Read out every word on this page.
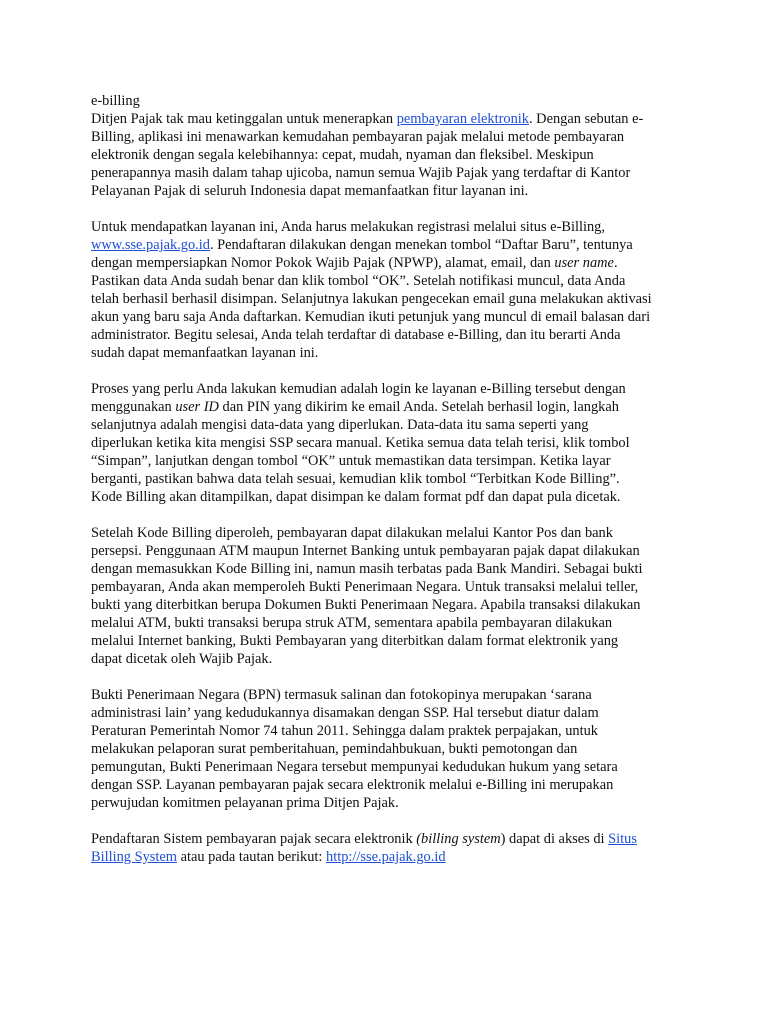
e-billing

Ditjen Pajak tak mau ketinggalan untuk menerapkan pembayaran elektronik. Dengan sebutan e-
Billing, aplikasi ini menawarkan kemudahan pembayaran pajak melalui metode pembayaran
elektronik dengan segala kelebihannya: cepat, mudah, nyaman dan fleksibel. Meskipun
penerapannya masih dalam tahap ujicoba, namun semua Wajib Pajak yang terdaftar di Kantor
Pelayanan Pajak di seluruh Indonesia dapat memanfaatkan fitur layanan ini.
Untuk mendapatkan layanan ini, Anda harus melakukan registrasi melalui situs e-Billing,
www.sse.pajak.go.id. Pendaftaran dilakukan dengan menekan tombol “Daftar Baru”, tentunya
dengan mempersiapkan Nomor Pokok Wajib Pajak (NPWP), alamat, email, dan user name.
Pastikan data Anda sudah benar dan klik tombol “OK”. Setelah notifikasi muncul, data Anda
telah berhasil berhasil disimpan. Selanjutnya lakukan pengecekan email guna melakukan aktivasi
akun yang baru saja Anda daftarkan. Kemudian ikuti petunjuk yang muncul di email balasan dari
administrator. Begitu selesai, Anda telah terdaftar di database e-Billing, dan itu berarti Anda
sudah dapat memanfaatkan layanan ini.
Proses yang perlu Anda lakukan kemudian adalah login ke layanan e-Billing tersebut dengan
menggunakan user ID dan PIN yang dikirim ke email Anda. Setelah berhasil login, langkah
selanjutnya adalah mengisi data-data yang diperlukan. Data-data itu sama seperti yang
diperlukan ketika kita mengisi SSP secara manual. Ketika semua data telah terisi, klik tombol
“Simpan”, lanjutkan dengan tombol “OK” untuk memastikan data tersimpan. Ketika layar
berganti, pastikan bahwa data telah sesuai, kemudian klik tombol “Terbitkan Kode Billing”.
Kode Billing akan ditampilkan, dapat disimpan ke dalam format pdf dan dapat pula dicetak.
Setelah Kode Billing diperoleh, pembayaran dapat dilakukan melalui Kantor Pos dan bank
persepsi. Penggunaan ATM maupun Internet Banking untuk pembayaran pajak dapat dilakukan
dengan memasukkan Kode Billing ini, namun masih terbatas pada Bank Mandiri. Sebagai bukti
pembayaran, Anda akan memperoleh Bukti Penerimaan Negara. Untuk transaksi melalui teller,
bukti yang diterbitkan berupa Dokumen Bukti Penerimaan Negara. Apabila transaksi dilakukan
melalui ATM, bukti transaksi berupa struk ATM, sementara apabila pembayaran dilakukan
melalui Internet banking, Bukti Pembayaran yang diterbitkan dalam format elektronik yang
dapat dicetak oleh Wajib Pajak.
Bukti Penerimaan Negara (BPN) termasuk salinan dan fotokopinya merupakan ‘sarana
administrasi lain’ yang kedudukannya disamakan dengan SSP. Hal tersebut diatur dalam
Peraturan Pemerintah Nomor 74 tahun 2011. Sehingga dalam praktek perpajakan, untuk
melakukan pelaporan surat pemberitahuan, pemindahbukuan, bukti pemotongan dan
pemungutan, Bukti Penerimaan Negara tersebut mempunyai kedudukan hukum yang setara
dengan SSP. Layanan pembayaran pajak secara elektronik melalui e-Billing ini merupakan
perwujudan komitmen pelayanan prima Ditjen Pajak.
Pendaftaran Sistem pembayaran pajak secara elektronik (billing system) dapat di akses di Situs
Billing System atau pada tautan berikut: http://sse.pajak.go.id
